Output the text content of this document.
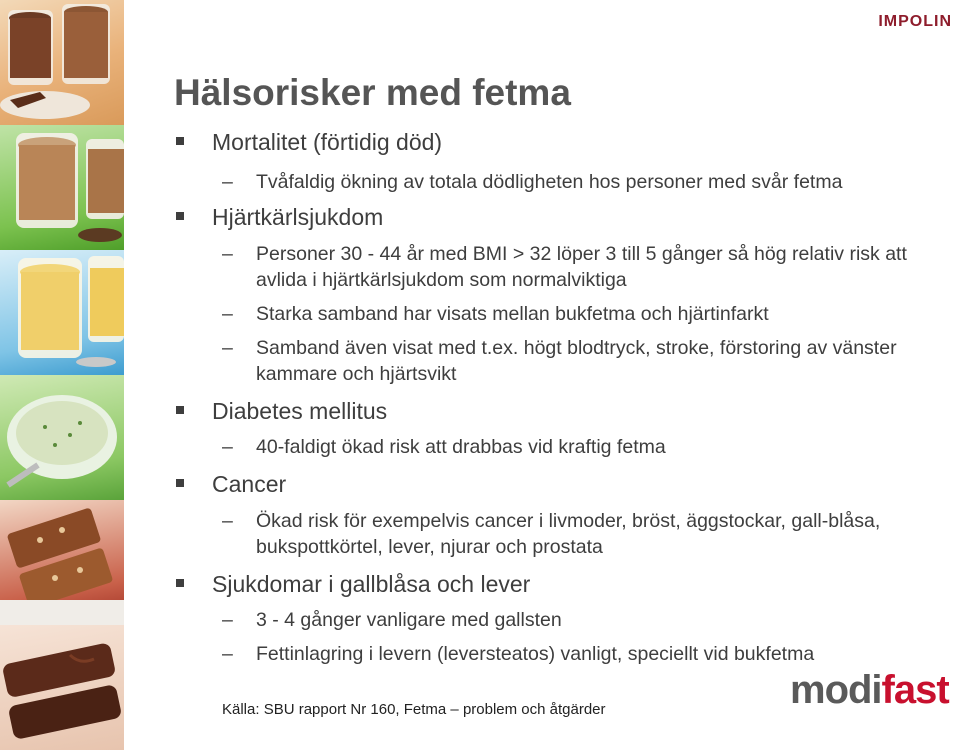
IMPOLIN
Hälsorisker med fetma
Mortalitet (förtidig död)
– Tvåfaldig ökning av totala dödligheten hos personer med svår fetma
Hjärtkärlsjukdom
– Personer 30 - 44 år med BMI > 32 löper 3 till 5 gånger så hög relativ risk att avlida i hjärtkärlsjukdom som normalviktiga
– Starka samband har visats mellan bukfetma och hjärtinfarkt
– Samband även visat med t.ex. högt blodtryck, stroke, förstoring av vänster kammare och hjärtsvikt
Diabetes mellitus
– 40-faldigt ökad risk att drabbas vid kraftig fetma
Cancer
– Ökad risk för exempelvis cancer i livmoder, bröst, äggstockar, gall-blåsa, bukspottkörtel, lever, njurar och prostata
Sjukdomar i gallblåsa och lever
– 3 - 4 gånger vanligare med gallsten
– Fettinlagring i levern (leversteatos) vanligt, speciellt vid bukfetma
Källa: SBU rapport Nr 160, Fetma – problem och åtgärder	modifast
